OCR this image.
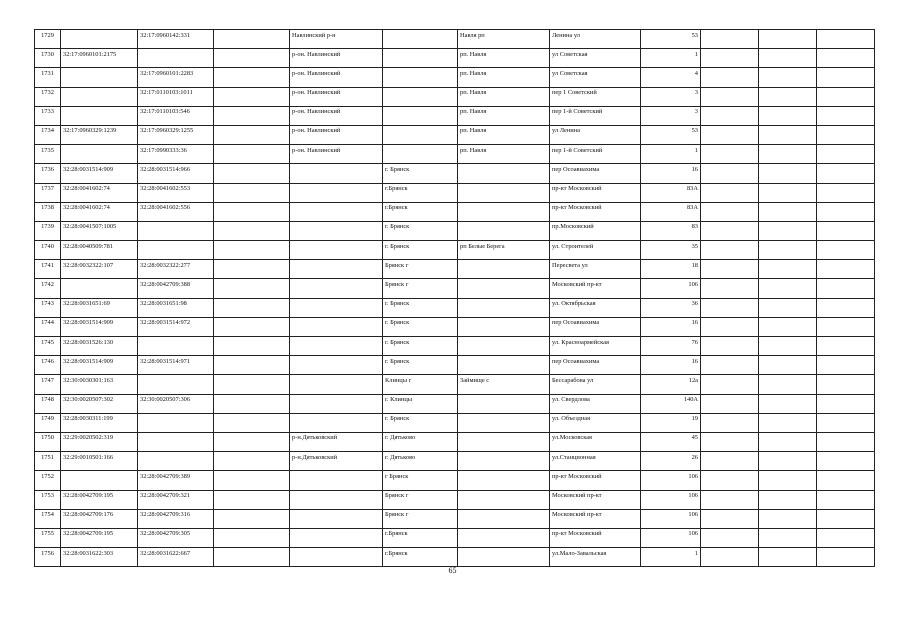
1729		32:17:0960142:331		Навлинский р-н		Навля рп	Ленина ул	53			
1730	32:17:0960101:2175			р-он. Навлинский		рп. Навля	ул Советская	1			
1731		32:17:0960101:2283		р-он. Навлинский		рп. Навля	ул Советская	4			
1732		32:17:0110103:1011		р-он. Навлинский		рп. Навля	пер 1 Советский	3			
1733		32:17:0110103:546		р-он. Навлинский		рп. Навля	пер 1-й Советский	3			
1734	32:17:0960329:1239	32:17:0960329:1255		р-он. Навлинский		рп. Навля	ул Ленина	53			
1735		32:17:0990333:36		р-он. Навлинский		рп. Навля	пер 1-й Советский	1			
1736	32:28:0031514:909	32:28:0031514:966			г. Брянск		пер Осоавиахима	16			
1737	32:28:0041602:74	32:28:0041602:553			г.Брянск		пр-кт Московский	83А			
1738	32:28:0041602:74	32:28:0041602:556			г.Брянск		пр-кт Московский	83А			
1739	32:28:0041507:1005				г. Брянск		пр.Московский	83			
1740	32:28:0040509:781				г. Брянск	рп Белые Берега	ул. Строителей	35			
1741	32:28:0032322:107	32:28:0032322:277			Брянск г		Пересвета ул	18			
1742		32:28:0042709:388			Брянск г		Московский пр-кт	106			
1743	32:28:0031651:69	32:28:0031651:98			г. Брянск		ул. Октябрьская	36			
1744	32:28:0031514:909	32:28:0031514:972			г. Брянск		пер Осоавиахима	16			
1745	32:28:0031526:130				г. Брянск		ул. Красноармейская	76			
1746	32:28:0031514:909	32:28:0031514:971			г. Брянск		пер Осоавиахима	16			
1747	32:30:0030301:163				Клинцы г	Займище с	Бессарабова ул	12а			
1748	32:30:0020507:302	32:30:0020507:306			г. Клинцы		ул. Свердлова	140А			
1749	32:28:0030311:199				г. Брянск		ул. Объездная	19			
1750	32:29:0020502:319			р-н.Дятьковский	г. Дятьково		ул.Московская	45			
1751	32:29:0010501:166			р-н.Дятьковский	г. Дятьково		ул.Станционная	26			
1752		32:28:0042709:389			г Брянск		пр-кт Московский	106			
1753	32:28:0042709:195	32:28:0042709:321			Брянск г		Московский пр-кт	106			
1754	32:28:0042709:176	32:28:0042709:316			Брянск г		Московский пр-кт	106			
1755	32:28:0042709:195	32:28:0042709:305			г.Брянск		пр-кт Московский	106			
1756	32:28:0031622:303	32:28:0031622:667			г.Брянск		ул.Мало-Завальская	1			
65
